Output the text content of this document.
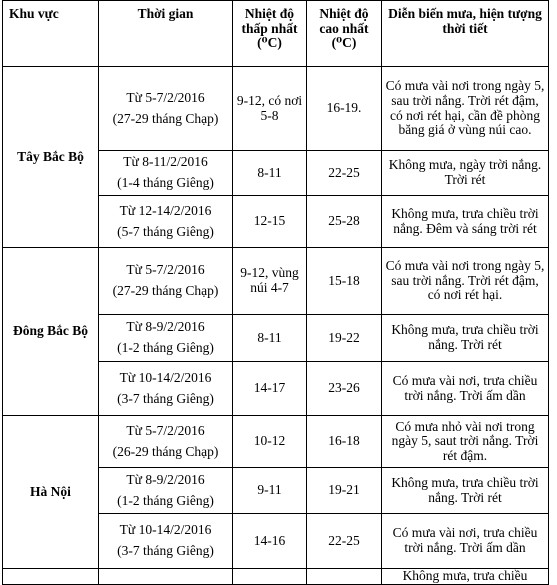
Khu vực	Thời gian	Nhiệt độ thấp nhất (⁰C)	Nhiệt độ cao nhất (⁰C)	Diễn biến mưa, hiện tượng thời tiết
Tây Bắc Bộ	Từ 5-7/2/2016
(27-29 tháng Chạp)	9-12, có nơi 5-8	16-19.	Có mưa vài nơi trong ngày 5, sau trời nắng. Trời rét đậm, có nơi rét hại, cần đề phòng băng giá ở vùng núi cao.

	Từ 8-11/2/2016
(1-4 tháng Giêng)	8-11	22-25	Không mưa, ngày trời nắng. Trời rét

	Từ 12-14/2/2016
(5-7 tháng Giêng)	12-15	25-28	Không mưa, trưa chiều trời nắng. Đêm và sáng trời rét
Đông Bắc Bộ	Từ 5-7/2/2016
(27-29 tháng Chạp)	9-12, vùng núi 4-7	15-18	Có mưa vài nơi trong ngày 5, sau trời nắng. Trời rét đậm, có nơi rét hại.

	Từ 8-9/2/2016
(1-2 tháng Giêng)	8-11	19-22	Không mưa, trưa chiều trời nắng. Trời rét

	Từ 10-14/2/2016
(3-7 tháng Giêng)	14-17	23-26	Có mưa vài nơi, trưa chiều trời nắng. Trời ấm dần
Hà Nội	Từ 5-7/2/2016
(26-29 tháng Chạp)	10-12	16-18	Có mưa nhỏ vài nơi trong ngày 5, saut trời nắng. Trời rét đậm.

	Từ 8-9/2/2016
(1-2 tháng Giêng)	9-11	19-21	Không mưa, trưa chiều trời nắng. Trời rét

	Từ 10-14/2/2016
(3-7 tháng Giêng)	14-16	22-25	Có mưa vài nơi, trưa chiều trời nắng. Trời ấm dần
				Không mưa, trưa chiều
